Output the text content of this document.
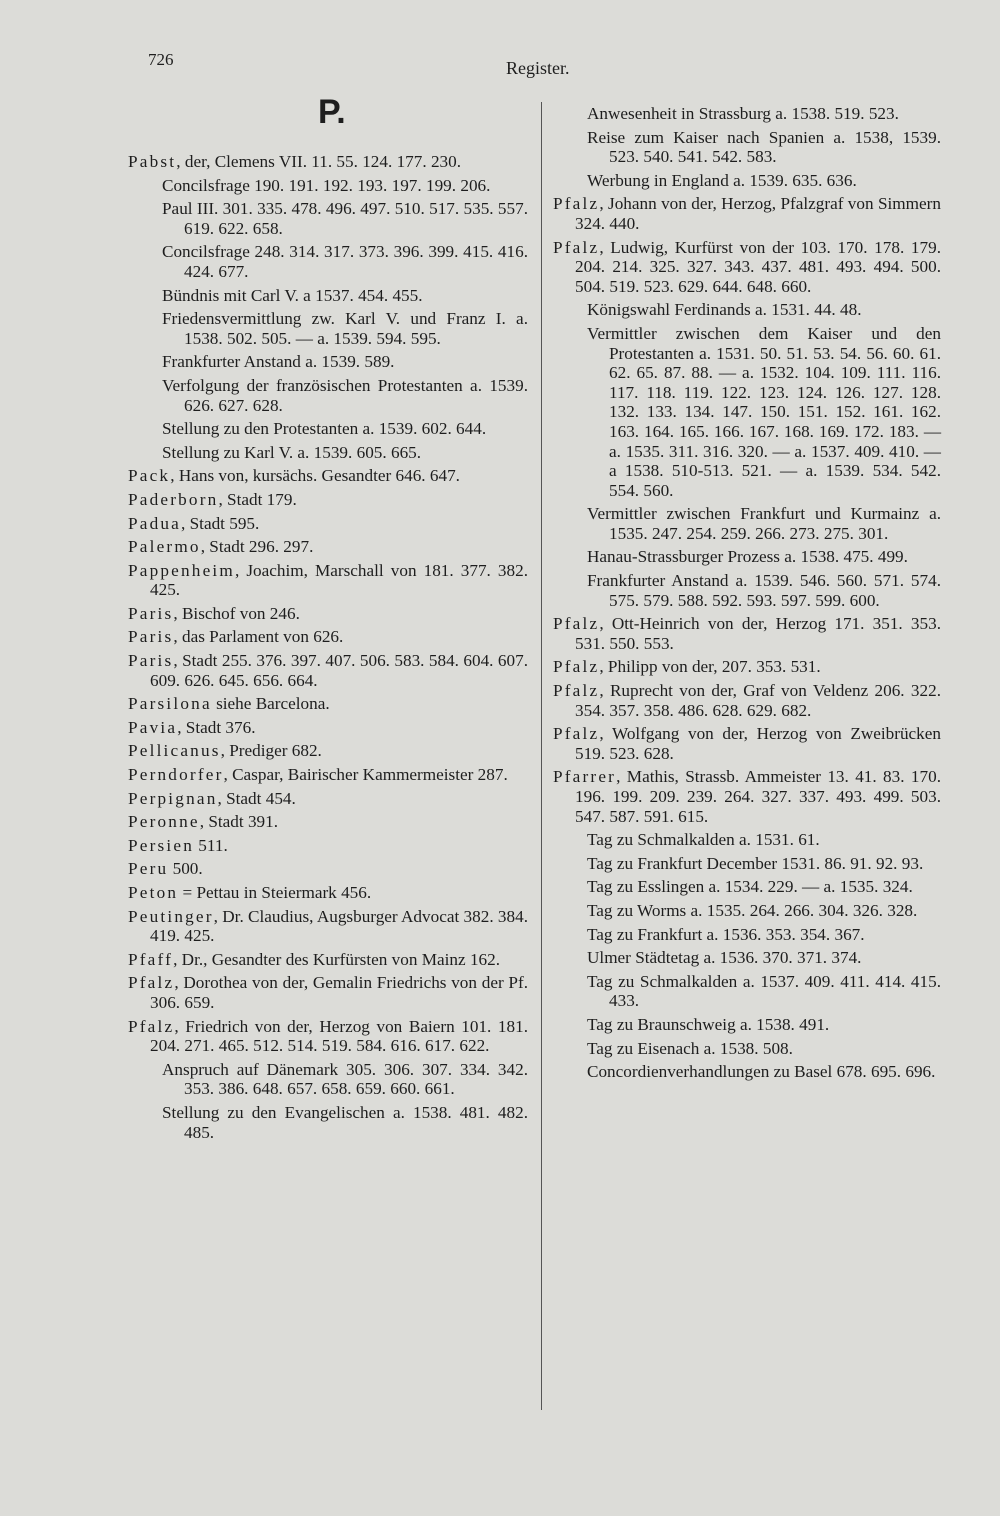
726	Register.
P.
Pabst, der, Clemens VII. 11. 55. 124. 177. 230.
Concilsfrage 190. 191. 192. 193. 197. 199. 206.
Paul III. 301. 335. 478. 496. 497. 510. 517. 535. 557. 619. 622. 658.
Concilsfrage 248. 314. 317. 373. 396. 399. 415. 416. 424. 677.
Bündnis mit Carl V. a 1537. 454. 455.
Friedensvermittlung zw. Karl V. und Franz I. a. 1538. 502. 505. — a. 1539. 594. 595.
Frankfurter Anstand a. 1539. 589.
Verfolgung der französischen Protestanten a. 1539. 626. 627. 628.
Stellung zu den Protestanten a. 1539. 602. 644.
Stellung zu Karl V. a. 1539. 605. 665.
Pack, Hans von, kursächs. Gesandter 646. 647.
Paderborn, Stadt 179.
Padua, Stadt 595.
Palermo, Stadt 296. 297.
Pappenheim, Joachim, Marschall von 181. 377. 382. 425.
Paris, Bischof von 246.
Paris, das Parlament von 626.
Paris, Stadt 255. 376. 397. 407. 506. 583. 584. 604. 607. 609. 626. 645. 656. 664.
Parsilona siehe Barcelona.
Pavia, Stadt 376.
Pellicanus, Prediger 682.
Perndorfer, Caspar, Bairischer Kammermeister 287.
Perpignan, Stadt 454.
Peronne, Stadt 391.
Persien 511.
Peru 500.
Peton = Pettau in Steiermark 456.
Peutinger, Dr. Claudius, Augsburger Advocat 382. 384. 419. 425.
Pfaff, Dr., Gesandter des Kurfürsten von Mainz 162.
Pfalz, Dorothea von der, Gemalin Friedrichs von der Pf. 306. 659.
Pfalz, Friedrich von der, Herzog von Baiern 101. 181. 204. 271. 465. 512. 514. 519. 584. 616. 617. 622.
Anspruch auf Dänemark 305. 306. 307. 334. 342. 353. 386. 648. 657. 658. 659. 660. 661.
Stellung zu den Evangelischen a. 1538. 481. 482. 485.
Anwesenheit in Strassburg a. 1538. 519. 523.
Reise zum Kaiser nach Spanien a. 1538, 1539. 523. 540. 541. 542. 583.
Werbung in England a. 1539. 635. 636.
Pfalz, Johann von der, Herzog, Pfalzgraf von Simmern 324. 440.
Pfalz, Ludwig, Kurfürst von der 103. 170. 178. 179. 204. 214. 325. 327. 343. 437. 481. 493. 494. 500. 504. 519. 523. 629. 644. 648. 660.
Königswahl Ferdinands a. 1531. 44. 48.
Vermittler zwischen dem Kaiser und den Protestanten a. 1531. 50. 51. 53. 54. 56. 60. 61. 62. 65. 87. 88. — a. 1532. 104. 109. 111. 116. 117. 118. 119. 122. 123. 124. 126. 127. 128. 132. 133. 134. 147. 150. 151. 152. 161. 162. 163. 164. 165. 166. 167. 168. 169. 172. 183. — a. 1535. 311. 316. 320. — a. 1537. 409. 410. — a 1538. 510-513. 521. — a. 1539. 534. 542. 554. 560.
Vermittler zwischen Frankfurt und Kurmainz a. 1535. 247. 254. 259. 266. 273. 275. 301.
Hanau-Strassburger Prozess a. 1538. 475. 499.
Frankfurter Anstand a. 1539. 546. 560. 571. 574. 575. 579. 588. 592. 593. 597. 599. 600.
Pfalz, Ott-Heinrich von der, Herzog 171. 351. 353. 531. 550. 553.
Pfalz, Philipp von der, 207. 353. 531.
Pfalz, Ruprecht von der, Graf von Veldenz 206. 322. 354. 357. 358. 486. 628. 629. 682.
Pfalz, Wolfgang von der, Herzog von Zweibrücken 519. 523. 628.
Pfarrer, Mathis, Strassb. Ammeister 13. 41. 83. 170. 196. 199. 209. 239. 264. 327. 337. 493. 499. 503. 547. 587. 591. 615.
Tag zu Schmalkalden a. 1531. 61.
Tag zu Frankfurt December 1531. 86. 91. 92. 93.
Tag zu Esslingen a. 1534. 229. — a. 1535. 324.
Tag zu Worms a. 1535. 264. 266. 304. 326. 328.
Tag zu Frankfurt a. 1536. 353. 354. 367.
Ulmer Städtetag a. 1536. 370. 371. 374.
Tag zu Schmalkalden a. 1537. 409. 411. 414. 415. 433.
Tag zu Braunschweig a. 1538. 491.
Tag zu Eisenach a. 1538. 508.
Concordienverhandlungen zu Basel 678. 695. 696.
